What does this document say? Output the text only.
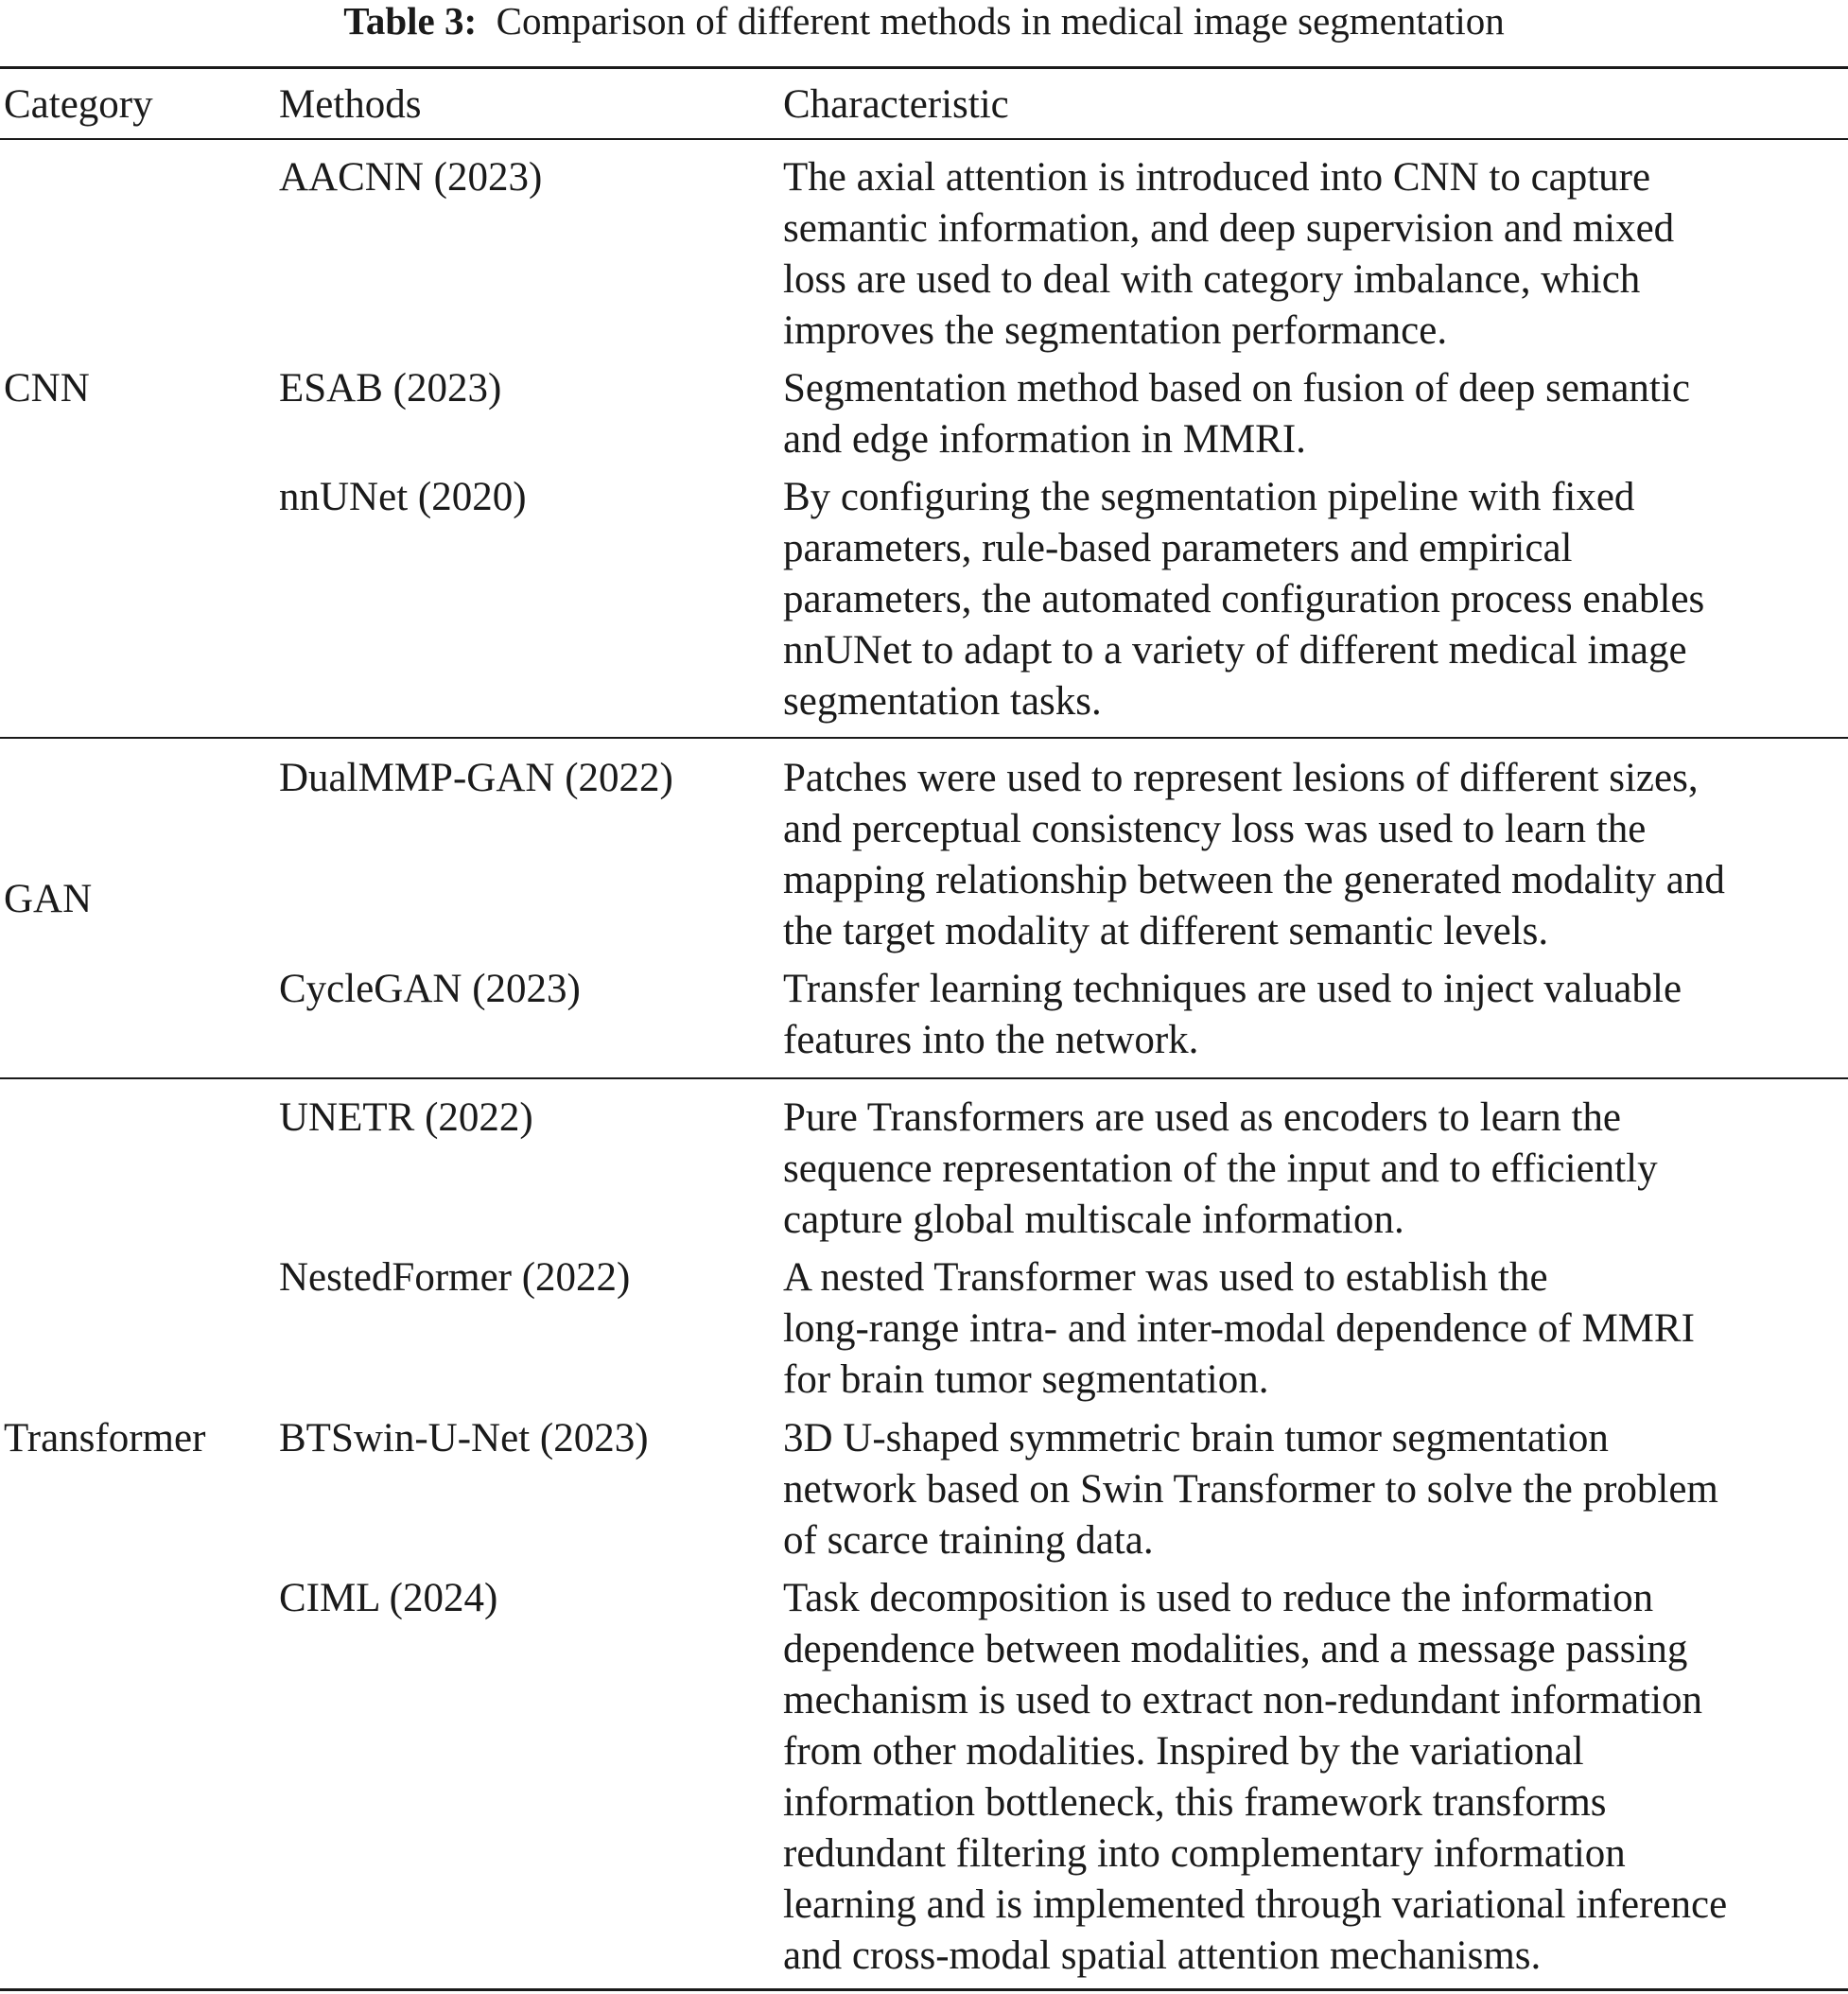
Table 3: Comparison of different methods in medical image segmentation
Category	Methods	Characteristic
CNN
AACNN (2023)	The axial attention is introduced into CNN to capture
semantic information, and deep supervision and mixed
loss are used to deal with category imbalance, which
improves the segmentation performance.
ESAB (2023)	Segmentation method based on fusion of deep semantic
and edge information in MMRI.
nnUNet (2020)	By configuring the segmentation pipeline with fixed
parameters, rule-based parameters and empirical
parameters, the automated configuration process enables
nnUNet to adapt to a variety of different medical image
segmentation tasks.
GAN
DualMMP-GAN (2022)	Patches were used to represent lesions of different sizes,
and perceptual consistency loss was used to learn the
mapping relationship between the generated modality and
the target modality at different semantic levels.
CycleGAN (2023)	Transfer learning techniques are used to inject valuable
features into the network.
Transformer
UNETR (2022)	Pure Transformers are used as encoders to learn the
sequence representation of the input and to efficiently
capture global multiscale information.
NestedFormer (2022)	A nested Transformer was used to establish the
long-range intra- and inter-modal dependence of MMRI
for brain tumor segmentation.
BTSwin-U-Net (2023)	3D U-shaped symmetric brain tumor segmentation
network based on Swin Transformer to solve the problem
of scarce training data.
CIML (2024)	Task decomposition is used to reduce the information
dependence between modalities, and a message passing
mechanism is used to extract non-redundant information
from other modalities. Inspired by the variational
information bottleneck, this framework transforms
redundant filtering into complementary information
learning and is implemented through variational inference
and cross-modal spatial attention mechanisms.
